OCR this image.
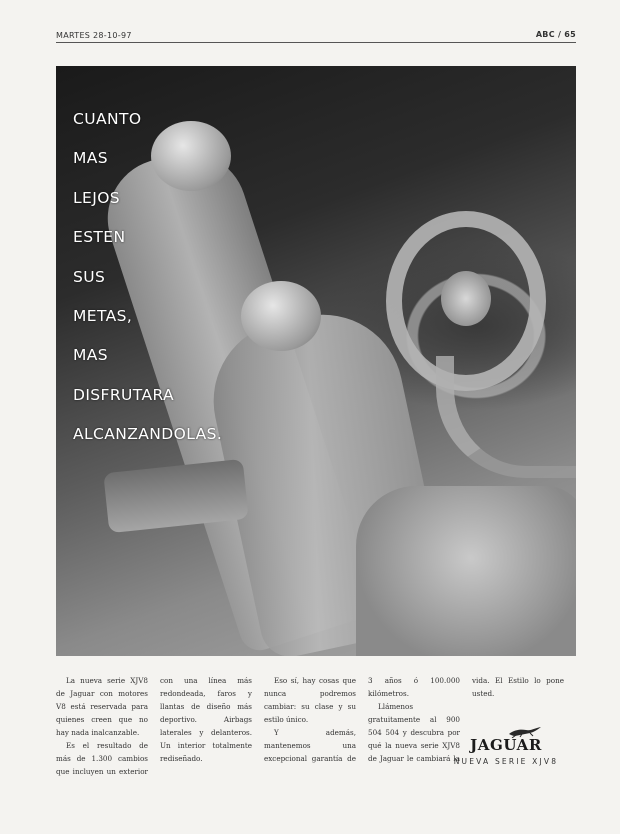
MARTES 28-10-97	ABC / 65
CUANTO
MAS
LEJOS
ESTEN
SUS
METAS,
MAS
DISFRUTARA
ALCANZANDOLAS.

La nueva serie XJV8 de Jaguar con motores V8 está reservada para quienes creen que no hay nada inalcanzable.

Es el resultado de más de 1.300 cambios que incluyen un exterior con una línea más redondeada, faros y llantas de diseño más deportivo. Airbags laterales y delanteros. Un interior totalmente rediseñado.

Eso sí, hay cosas que nunca podremos cambiar: su clase y su estilo único.

Y además, mantenemos una excepcional garantía de 3 años ó 100.000 kilómetros.

Llámenos gratuitamente al 900 504 504 y descubra por qué la nueva serie XJV8 de Jaguar le cambiará la vida. El Estilo lo pone usted.

JAGUAR
NUEVA SERIE XJV8
